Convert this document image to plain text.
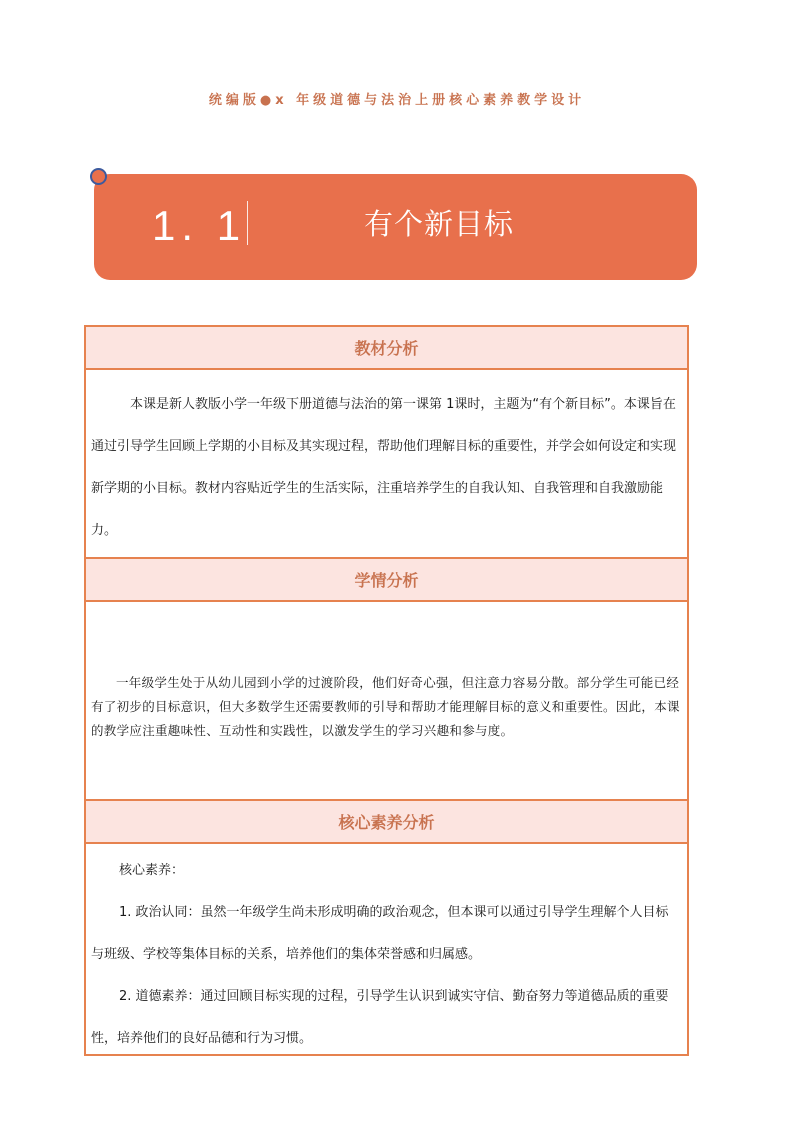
统编版●x 年级道德与法治上册核心素养教学设计
1. 1	有个新目标
教材分析

本课是新人教版小学一年级下册道德与法治的第一课第 1课时，主题为“有个新目标”。本课旨在通过引导学生回顾上学期的小目标及其实现过程，帮助他们理解目标的重要性，并学会如何设定和实现新学期的小目标。教材内容贴近学生的生活实际，注重培养学生的自我认知、自我管理和自我激励能力。

学情分析

一年级学生处于从幼儿园到小学的过渡阶段，他们好奇心强，但注意力容易分散。部分学生可能已经有了初步的目标意识，但大多数学生还需要教师的引导和帮助才能理解目标的意义和重要性。因此，本课的教学应注重趣味性、互动性和实践性，以激发学生的学习兴趣和参与度。

核心素养分析

核心素养：

1. 政治认同：虽然一年级学生尚未形成明确的政治观念，但本课可以通过引导学生理解个人目标与班级、学校等集体目标的关系，培养他们的集体荣誉感和归属感。

2. 道德素养：通过回顾目标实现的过程，引导学生认识到诚实守信、勤奋努力等道德品质的重要性，培养他们的良好品德和行为习惯。
